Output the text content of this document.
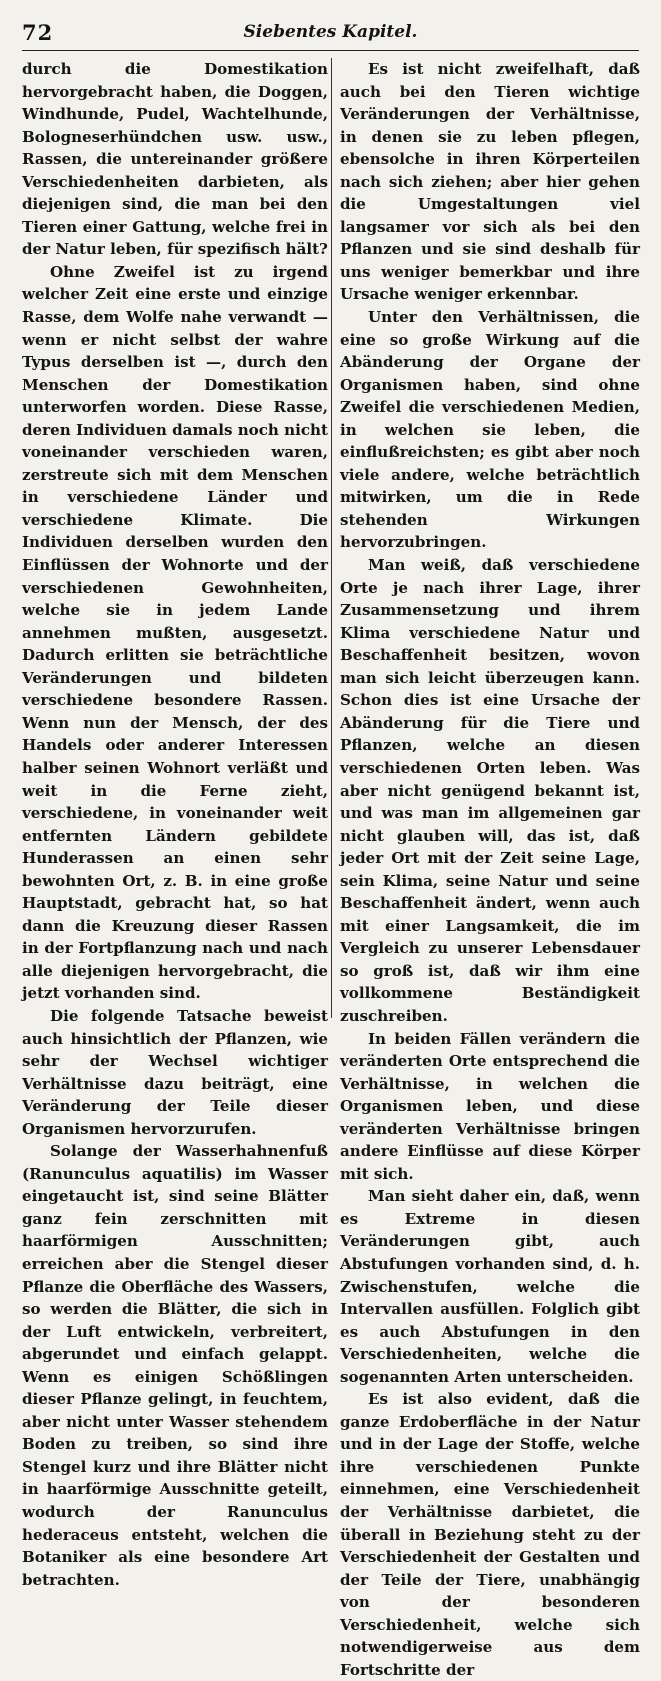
72	Siebentes Kapitel.

durch die Domestikation hervorgebracht haben, die Doggen, Windhunde, Pudel, Wachtelhunde, Bologneserhündchen usw. usw., Rassen, die untereinander größere Verschiedenheiten darbieten, als diejenigen sind, die man bei den Tieren einer Gattung, welche frei in der Natur leben, für spezifisch hält?

Ohne Zweifel ist zu irgend welcher Zeit eine erste und einzige Rasse, dem Wolfe nahe verwandt — wenn er nicht selbst der wahre Typus derselben ist —, durch den Menschen der Domestikation unterworfen worden. Diese Rasse, deren Individuen damals noch nicht voneinander verschieden waren, zerstreute sich mit dem Menschen in verschiedene Länder und verschiedene Klimate. Die Individuen derselben wurden den Einflüssen der Wohnorte und der verschiedenen Gewohnheiten, welche sie in jedem Lande annehmen mußten, ausgesetzt. Dadurch erlitten sie beträchtliche Veränderungen und bildeten verschiedene besondere Rassen. Wenn nun der Mensch, der des Handels oder anderer Interessen halber seinen Wohnort verläßt und weit in die Ferne zieht, verschiedene, in voneinander weit entfernten Ländern gebildete Hunderassen an einen sehr bewohnten Ort, z. B. in eine große Hauptstadt, gebracht hat, so hat dann die Kreuzung dieser Rassen in der Fortpflanzung nach und nach alle diejenigen hervorgebracht, die jetzt vorhanden sind.

Die folgende Tatsache beweist auch hinsichtlich der Pflanzen, wie sehr der Wechsel wichtiger Verhältnisse dazu beiträgt, eine Veränderung der Teile dieser Organismen hervorzurufen.

Solange der Wasserhahnenfuß (Ranunculus aquatilis) im Wasser eingetaucht ist, sind seine Blätter ganz fein zerschnitten mit haarförmigen Ausschnitten; erreichen aber die Stengel dieser Pflanze die Oberfläche des Wassers, so werden die Blätter, die sich in der Luft entwickeln, verbreitert, abgerundet und einfach gelappt. Wenn es einigen Schößlingen dieser Pflanze gelingt, in feuchtem, aber nicht unter Wasser stehendem Boden zu treiben, so sind ihre Stengel kurz und ihre Blätter nicht in haarförmige Ausschnitte geteilt, wodurch der Ranunculus hederaceus entsteht, welchen die Botaniker als eine besondere Art betrachten.

Es ist nicht zweifelhaft, daß auch bei den Tieren wichtige Veränderungen der Verhältnisse, in denen sie zu leben pflegen, ebensolche in ihren Körperteilen nach sich ziehen; aber hier gehen die Umgestaltungen viel langsamer vor sich als bei den Pflanzen und sie sind deshalb für uns weniger bemerkbar und ihre Ursache weniger erkennbar.

Unter den Verhältnissen, die eine so große Wirkung auf die Abänderung der Organe der Organismen haben, sind ohne Zweifel die verschiedenen Medien, in welchen sie leben, die einflußreichsten; es gibt aber noch viele andere, welche beträchtlich mitwirken, um die in Rede stehenden Wirkungen hervorzubringen.

Man weiß, daß verschiedene Orte je nach ihrer Lage, ihrer Zusammensetzung und ihrem Klima verschiedene Natur und Beschaffenheit besitzen, wovon man sich leicht überzeugen kann. Schon dies ist eine Ursache der Abänderung für die Tiere und Pflanzen, welche an diesen verschiedenen Orten leben. Was aber nicht genügend bekannt ist, und was man im allgemeinen gar nicht glauben will, das ist, daß jeder Ort mit der Zeit seine Lage, sein Klima, seine Natur und seine Beschaffenheit ändert, wenn auch mit einer Langsamkeit, die im Vergleich zu unserer Lebensdauer so groß ist, daß wir ihm eine vollkommene Beständigkeit zuschreiben.

In beiden Fällen verändern die veränderten Orte entsprechend die Verhältnisse, in welchen die Organismen leben, und diese veränderten Verhältnisse bringen andere Einflüsse auf diese Körper mit sich.

Man sieht daher ein, daß, wenn es Extreme in diesen Veränderungen gibt, auch Abstufungen vorhanden sind, d. h. Zwischenstufen, welche die Intervallen ausfüllen. Folglich gibt es auch Abstufungen in den Verschiedenheiten, welche die sogenannten Arten unterscheiden.

Es ist also evident, daß die ganze Erdoberfläche in der Natur und in der Lage der Stoffe, welche ihre verschiedenen Punkte einnehmen, eine Verschiedenheit der Verhältnisse darbietet, die überall in Beziehung steht zu der Verschiedenheit der Gestalten und der Teile der Tiere, unabhängig von der besonderen Verschiedenheit, welche sich notwendigerweise aus dem Fortschritte der
